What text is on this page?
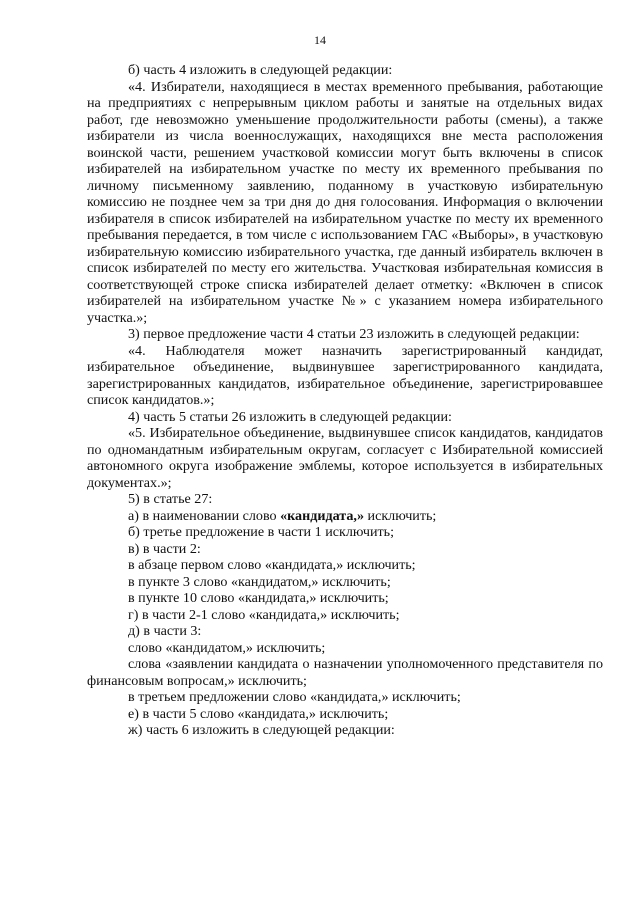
14

б) часть 4 изложить в следующей редакции:

«4. Избиратели, находящиеся в местах временного пребывания, работающие на предприятиях с непрерывным циклом работы и занятые на отдельных видах работ, где невозможно уменьшение продолжительности работы (смены), а также избиратели из числа военнослужащих, находящихся вне места расположения воинской части, решением участковой комиссии могут быть включены в список избирателей на избирательном участке по месту их временного пребывания по личному письменному заявлению, поданному в участковую избирательную комиссию не позднее чем за три дня до дня голосования. Информация о включении избирателя в список избирателей на избирательном участке по месту их временного пребывания передается, в том числе с использованием ГАС «Выборы», в участковую избирательную комиссию избирательного участка, где данный избиратель включен в список избирателей по месту его жительства. Участковая избирательная комиссия в соответствующей строке списка избирателей делает отметку: «Включен в список избирателей на избирательном участке №» с указанием номера избирательного участка.»;

3) первое предложение части 4 статьи 23 изложить в следующей редакции:

«4. Наблюдателя может назначить зарегистрированный кандидат, избирательное объединение, выдвинувшее зарегистрированного кандидата, зарегистрированных кандидатов, избирательное объединение, зарегистрировавшее список кандидатов.»;

4) часть 5 статьи 26 изложить в следующей редакции:

«5. Избирательное объединение, выдвинувшее список кандидатов, кандидатов по одномандатным избирательным округам, согласует с Избирательной комиссией автономного округа изображение эмблемы, которое используется в избирательных документах.»;

5) в статье 27:

а) в наименовании слово «кандидата,» исключить;

б) третье предложение в части 1 исключить;

в) в части 2:

в абзаце первом слово «кандидата,» исключить;

в пункте 3 слово «кандидатом,» исключить;

в пункте 10 слово «кандидата,» исключить;

г) в части 2-1 слово «кандидата,» исключить;

д) в части 3:

слово «кандидатом,» исключить;

слова «заявлении кандидата о назначении уполномоченного представителя по финансовым вопросам,» исключить;

в третьем предложении слово «кандидата,» исключить;

е) в части 5 слово «кандидата,» исключить;

ж) часть 6 изложить в следующей редакции:
